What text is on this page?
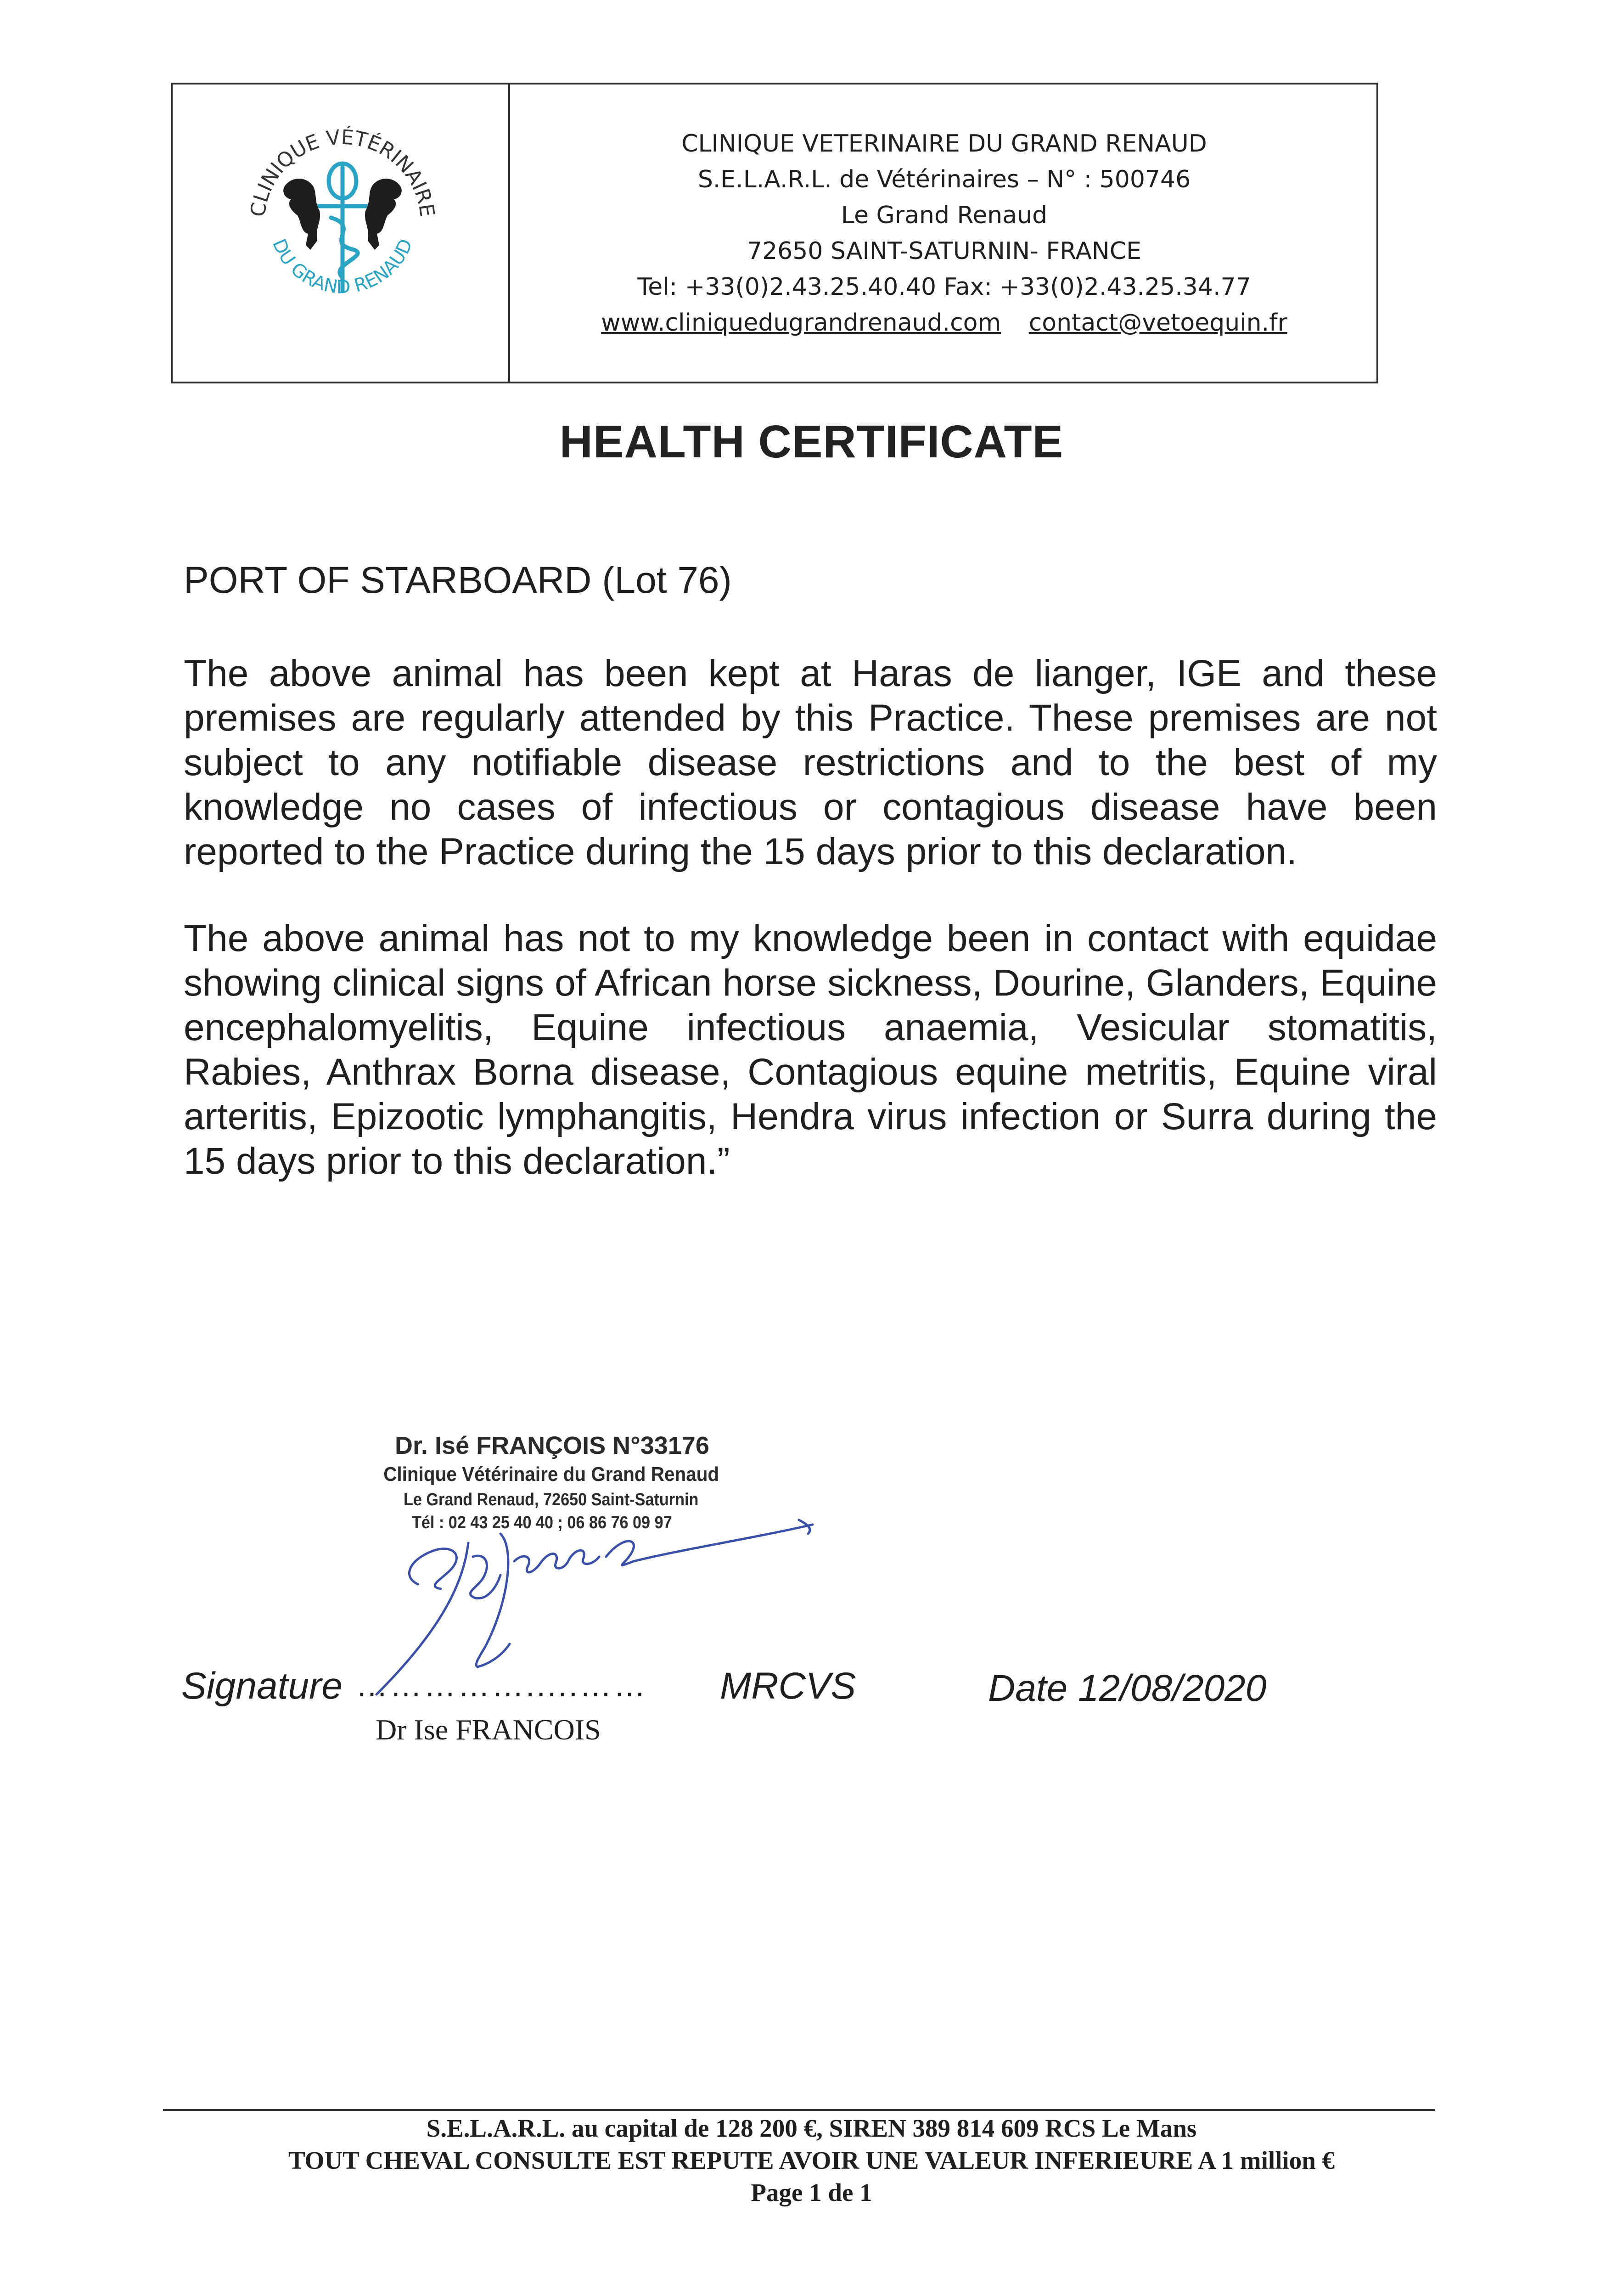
CLINIQUE VÉTÉRINAIRE
DU GRAND RENAUD
CLINIQUE VETERINAIRE DU GRAND RENAUD
S.E.L.A.R.L. de Vétérinaires – N° : 500746
Le Grand Renaud
72650 SAINT-SATURNIN- FRANCE
Tel: +33(0)2.43.25.40.40 Fax: +33(0)2.43.25.34.77
www.cliniquedugrandrenaud.com contact@vetoequin.fr
HEALTH CERTIFICATE
PORT OF STARBOARD (Lot 76)
The above animal has been kept at Haras de lianger, IGE and these premises are regularly attended by this Practice. These premises are not subject to any notifiable disease restrictions and to the best of my knowledge no cases of infectious or contagious disease have been reported to the Practice during the 15 days prior to this declaration.
The above animal has not to my knowledge been in contact with equidae showing clinical signs of African horse sickness, Dourine, Glanders, Equine encephalomyelitis, Equine infectious anaemia, Vesicular stomatitis, Rabies, Anthrax Borna disease, Contagious equine metritis, Equine viral arteritis, Epizootic lymphangitis, Hendra virus infection or Surra during the 15 days prior to this declaration.”
Dr. Isé FRANÇOIS N°33176
Clinique Vétérinaire du Grand Renaud
Le Grand Renaud, 72650 Saint-Saturnin
Tél : 02 43 25 40 40 ; 06 86 76 09 97
Signature …………….....…… MRCVS	Date 12/08/2020
Dr Ise FRANCOIS
S.E.L.A.R.L. au capital de 128 200 €, SIREN 389 814 609 RCS Le Mans
TOUT CHEVAL CONSULTE EST REPUTE AVOIR UNE VALEUR INFERIEURE A 1 million €
Page 1 de 1
